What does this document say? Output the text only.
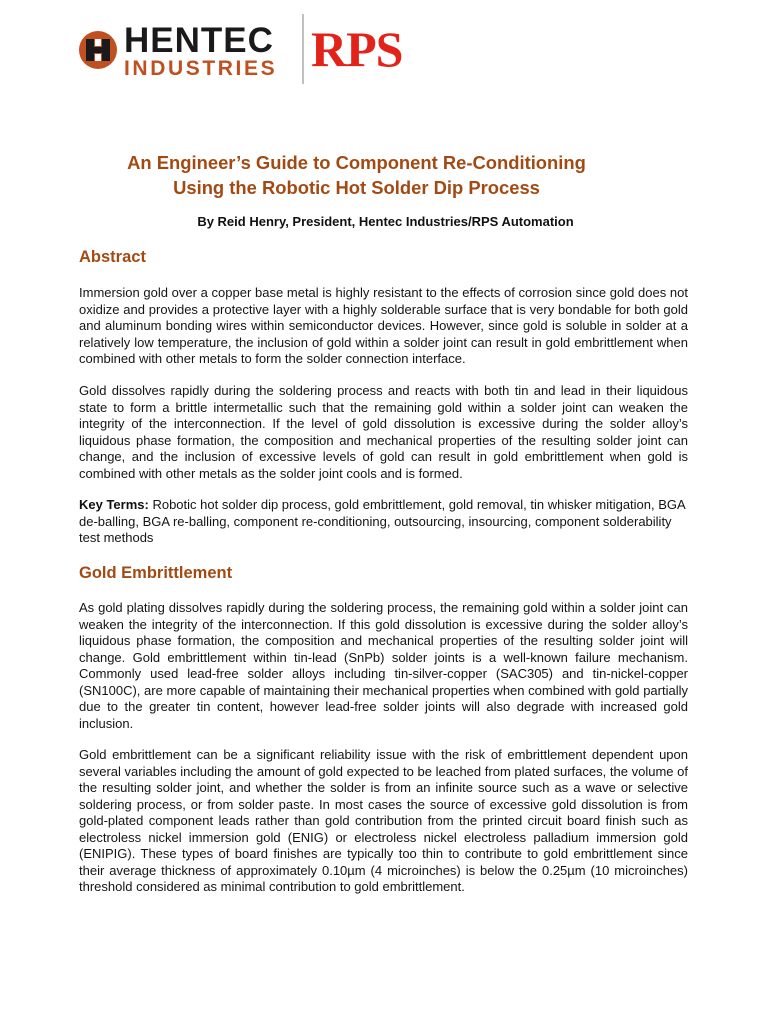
HENTEC
INDUSTRIES RPS
An Engineer’s Guide to Component Re-Conditioning
Using the Robotic Hot Solder Dip Process
By Reid Henry, President, Hentec Industries/RPS Automation
Abstract

Immersion gold over a copper base metal is highly resistant to the effects of corrosion since gold does not oxidize and provides a protective layer with a highly solderable surface that is very bondable for both gold and aluminum bonding wires within semiconductor devices. However, since gold is soluble in solder at a relatively low temperature, the inclusion of gold within a solder joint can result in gold embrittlement when combined with other metals to form the solder connection interface.

Gold dissolves rapidly during the soldering process and reacts with both tin and lead in their liquidous state to form a brittle intermetallic such that the remaining gold within a solder joint can weaken the integrity of the interconnection. If the level of gold dissolution is excessive during the solder alloy’s liquidous phase formation, the composition and mechanical properties of the resulting solder joint can change, and the inclusion of excessive levels of gold can result in gold embrittlement when gold is combined with other metals as the solder joint cools and is formed.

Key Terms: Robotic hot solder dip process, gold embrittlement, gold removal, tin whisker mitigation, BGA de-balling, BGA re-balling, component re-conditioning, outsourcing, insourcing, component solderability test methods

Gold Embrittlement

As gold plating dissolves rapidly during the soldering process, the remaining gold within a solder joint can weaken the integrity of the interconnection. If this gold dissolution is excessive during the solder alloy’s liquidous phase formation, the composition and mechanical properties of the resulting solder joint will change. Gold embrittlement within tin-lead (SnPb) solder joints is a well-known failure mechanism. Commonly used lead-free solder alloys including tin-silver-copper (SAC305) and tin-nickel-copper (SN100C), are more capable of maintaining their mechanical properties when combined with gold partially due to the greater tin content, however lead-free solder joints will also degrade with increased gold inclusion.

Gold embrittlement can be a significant reliability issue with the risk of embrittlement dependent upon several variables including the amount of gold expected to be leached from plated surfaces, the volume of the resulting solder joint, and whether the solder is from an infinite source such as a wave or selective soldering process, or from solder paste. In most cases the source of excessive gold dissolution is from gold-plated component leads rather than gold contribution from the printed circuit board finish such as electroless nickel immersion gold (ENIG) or electroless nickel electroless palladium immersion gold (ENIPIG). These types of board finishes are typically too thin to contribute to gold embrittlement since their average thickness of approximately 0.10µm (4 microinches) is below the 0.25µm (10 microinches) threshold considered as minimal contribution to gold embrittlement.
